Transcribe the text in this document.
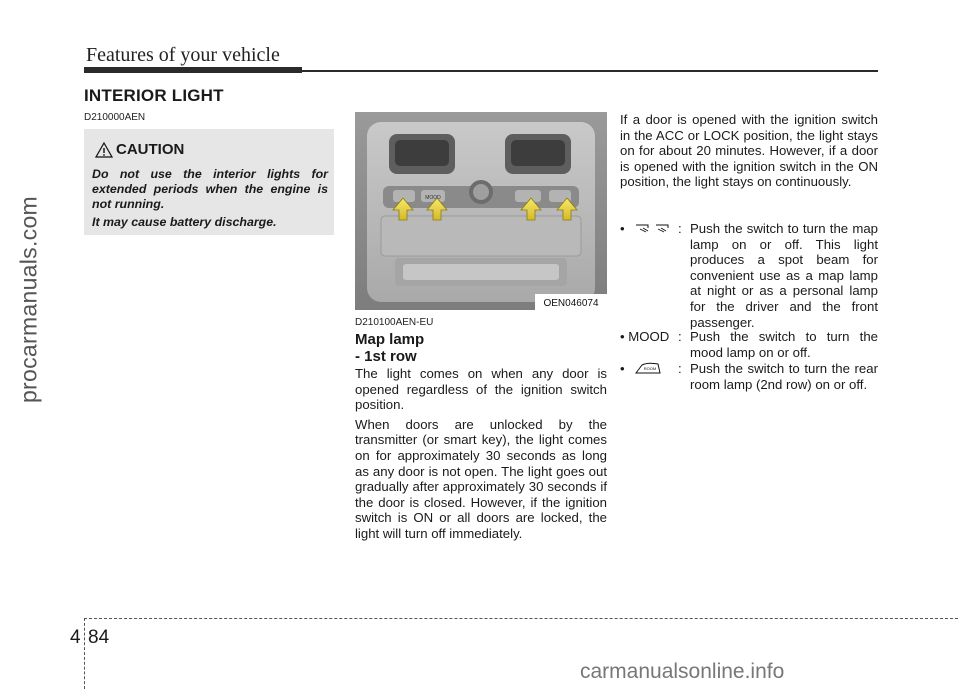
Features of your vehicle
INTERIOR LIGHT
D210000AEN
CAUTION

Do not use the interior lights for extended periods when the engine is not running.

It may cause battery discharge.

MOOD
OEN046074
D210100AEN-EU
Map lamp
- 1st row

The light comes on when any door is opened regardless of the ignition switch position.

When doors are unlocked by the transmitter (or smart key), the light comes on for approximately 30 seconds as long as any door is not open. The light goes out gradually after approximately 30 seconds if the door is closed. However, if the ignition switch is ON or all doors are locked, the light will turn off immediately.

If a door is opened with the ignition switch in the ACC or LOCK position, the light stays on for about 20 minutes. However, if a door is opened with the ignition switch in the ON position, the light stays on continuously.
•	: Push the switch to turn the map lamp on or off. This light produces a spot beam for convenient use as a map lamp at night or as a personal lamp for the driver and the front passenger.
• MOOD : Push the switch to turn the mood lamp on or off.
•	ROOM : Push the switch to turn the rear room lamp (2nd row) on or off.
4 84
procarmanuals.com
carmanualsonline.info
